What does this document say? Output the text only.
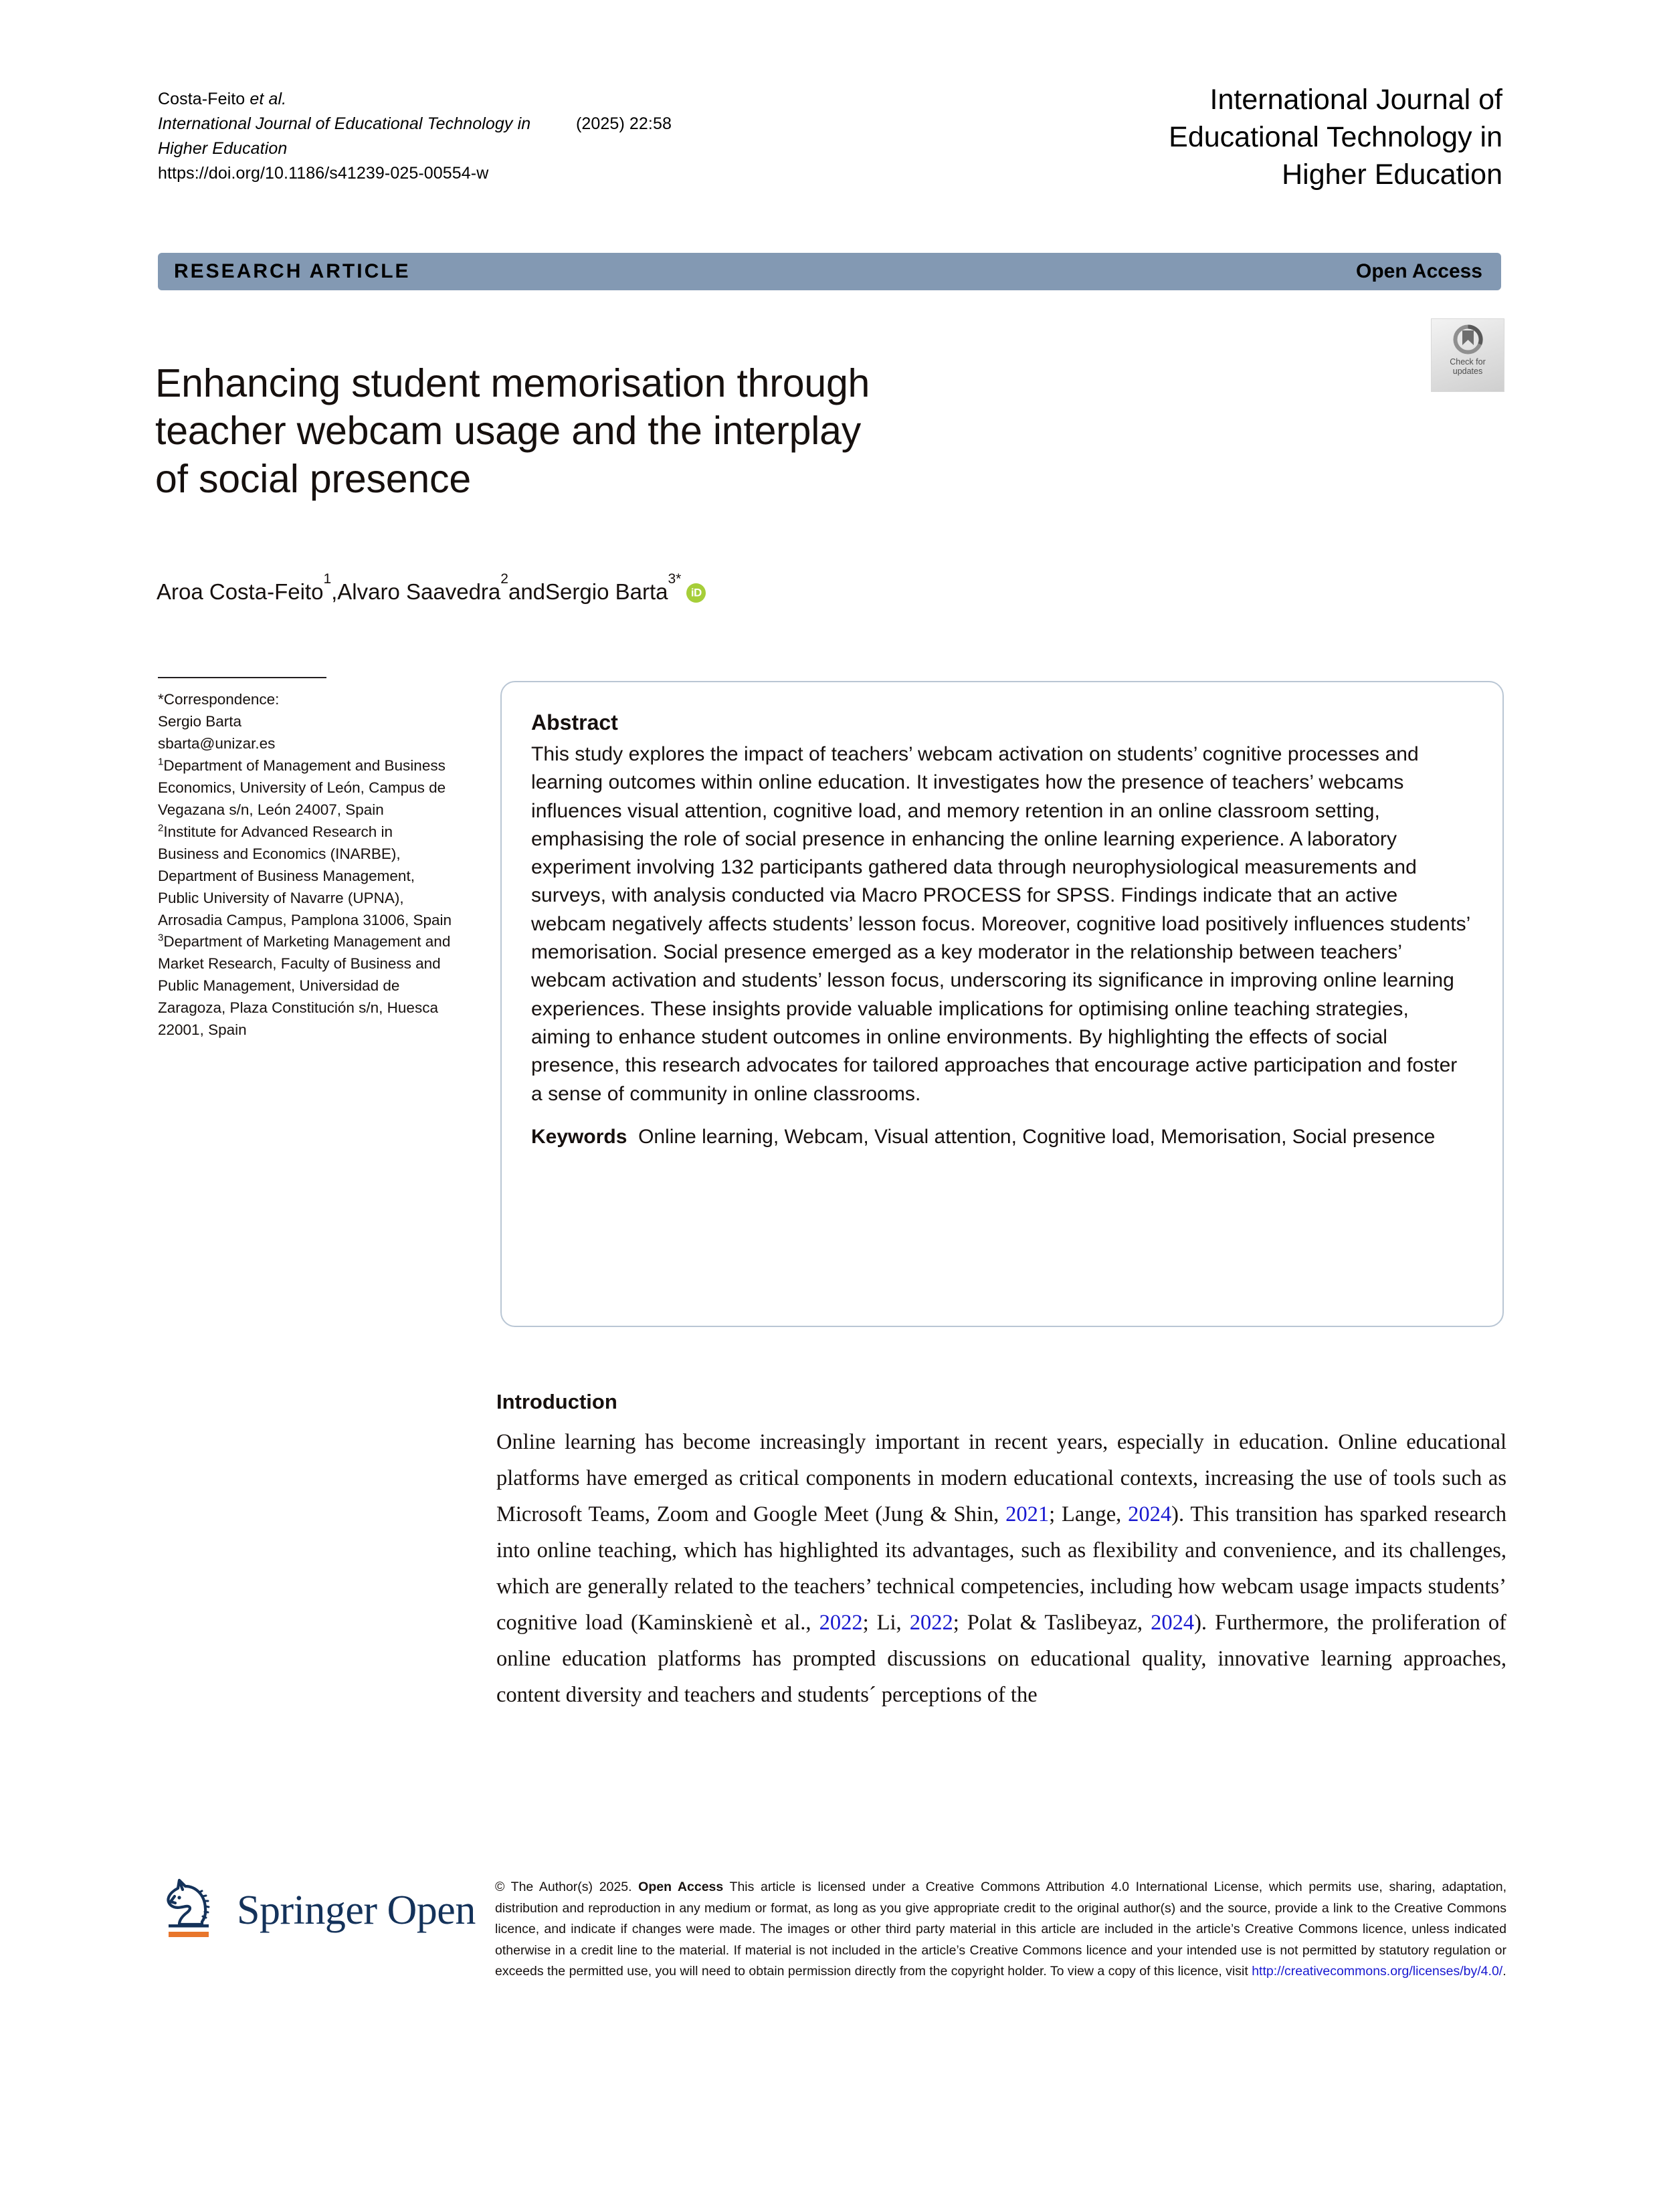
Costa-Feito et al.
International Journal of Educational Technology in Higher Education
(2025) 22:58
https://doi.org/10.1186/s41239-025-00554-w
International Journal of
Educational Technology in
Higher Education
RESEARCH ARTICLE	Open Access
Enhancing student memorisation through
teacher webcam usage and the interplay
of social presence
Check for
updates
Aroa Costa-Feito
1
, Alvaro Saavedra
2
and Sergio Barta
3*
iD
*Correspondence:
Sergio Barta
sbarta@unizar.es
$^1$Department of Management and Business Economics, University of León, Campus de Vegazana s/n, León 24007, Spain
$^2$Institute for Advanced Research in Business and Economics (INARBE), Department of Business Management, Public University of Navarre (UPNA), Arrosadia Campus, Pamplona 31006, Spain
$^3$Department of Marketing Management and Market Research, Faculty of Business and Public Management, Universidad de Zaragoza, Plaza Constitución s/n, Huesca 22001, Spain
Abstract

This study explores the impact of teachers’ webcam activation on students’ cognitive processes and learning outcomes within online education. It investigates how the presence of teachers’ webcams influences visual attention, cognitive load, and memory retention in an online classroom setting, emphasising the role of social presence in enhancing the online learning experience. A laboratory experiment involving 132 participants gathered data through neurophysiological measurements and surveys, with analysis conducted via Macro PROCESS for SPSS. Findings indicate that an active webcam negatively affects students’ lesson focus. Moreover, cognitive load positively influences students’ memorisation. Social presence emerged as a key moderator in the relationship between teachers’ webcam activation and students’ lesson focus, underscoring its significance in improving online learning experiences. These insights provide valuable implications for optimising online teaching strategies, aiming to enhance student outcomes in online environments. By highlighting the effects of social presence, this research advocates for tailored approaches that encourage active participation and foster a sense of community in online classrooms.

Keywords Online learning, Webcam, Visual attention, Cognitive load, Memorisation, Social presence
Introduction

Online learning has become increasingly important in recent years, especially in education. Online educational platforms have emerged as critical components in modern educational contexts, increasing the use of tools such as Microsoft Teams, Zoom and Google Meet (Jung & Shin, 2021; Lange, 2024). This transition has sparked research into online teaching, which has highlighted its advantages, such as flexibility and convenience, and its challenges, which are generally related to the teachers’ technical competencies, including how webcam usage impacts students’ cognitive load (Kaminskienè et al., 2022; Li, 2022; Polat & Taslibeyaz, 2024). Furthermore, the proliferation of online education platforms has prompted discussions on educational quality, innovative learning approaches, content diversity and teachers and students´ perceptions of the

Springer Open
© The Author(s) 2025. Open Access This article is licensed under a Creative Commons Attribution 4.0 International License, which permits use, sharing, adaptation, distribution and reproduction in any medium or format, as long as you give appropriate credit to the original author(s) and the source, provide a link to the Creative Commons licence, and indicate if changes were made. The images or other third party material in this article are included in the article’s Creative Commons licence, unless indicated otherwise in a credit line to the material. If material is not included in the article’s Creative Commons licence and your intended use is not permitted by statutory regulation or exceeds the permitted use, you will need to obtain permission directly from the copyright holder. To view a copy of this licence, visit http://creativecommons.org/licenses/by/4.0/.
